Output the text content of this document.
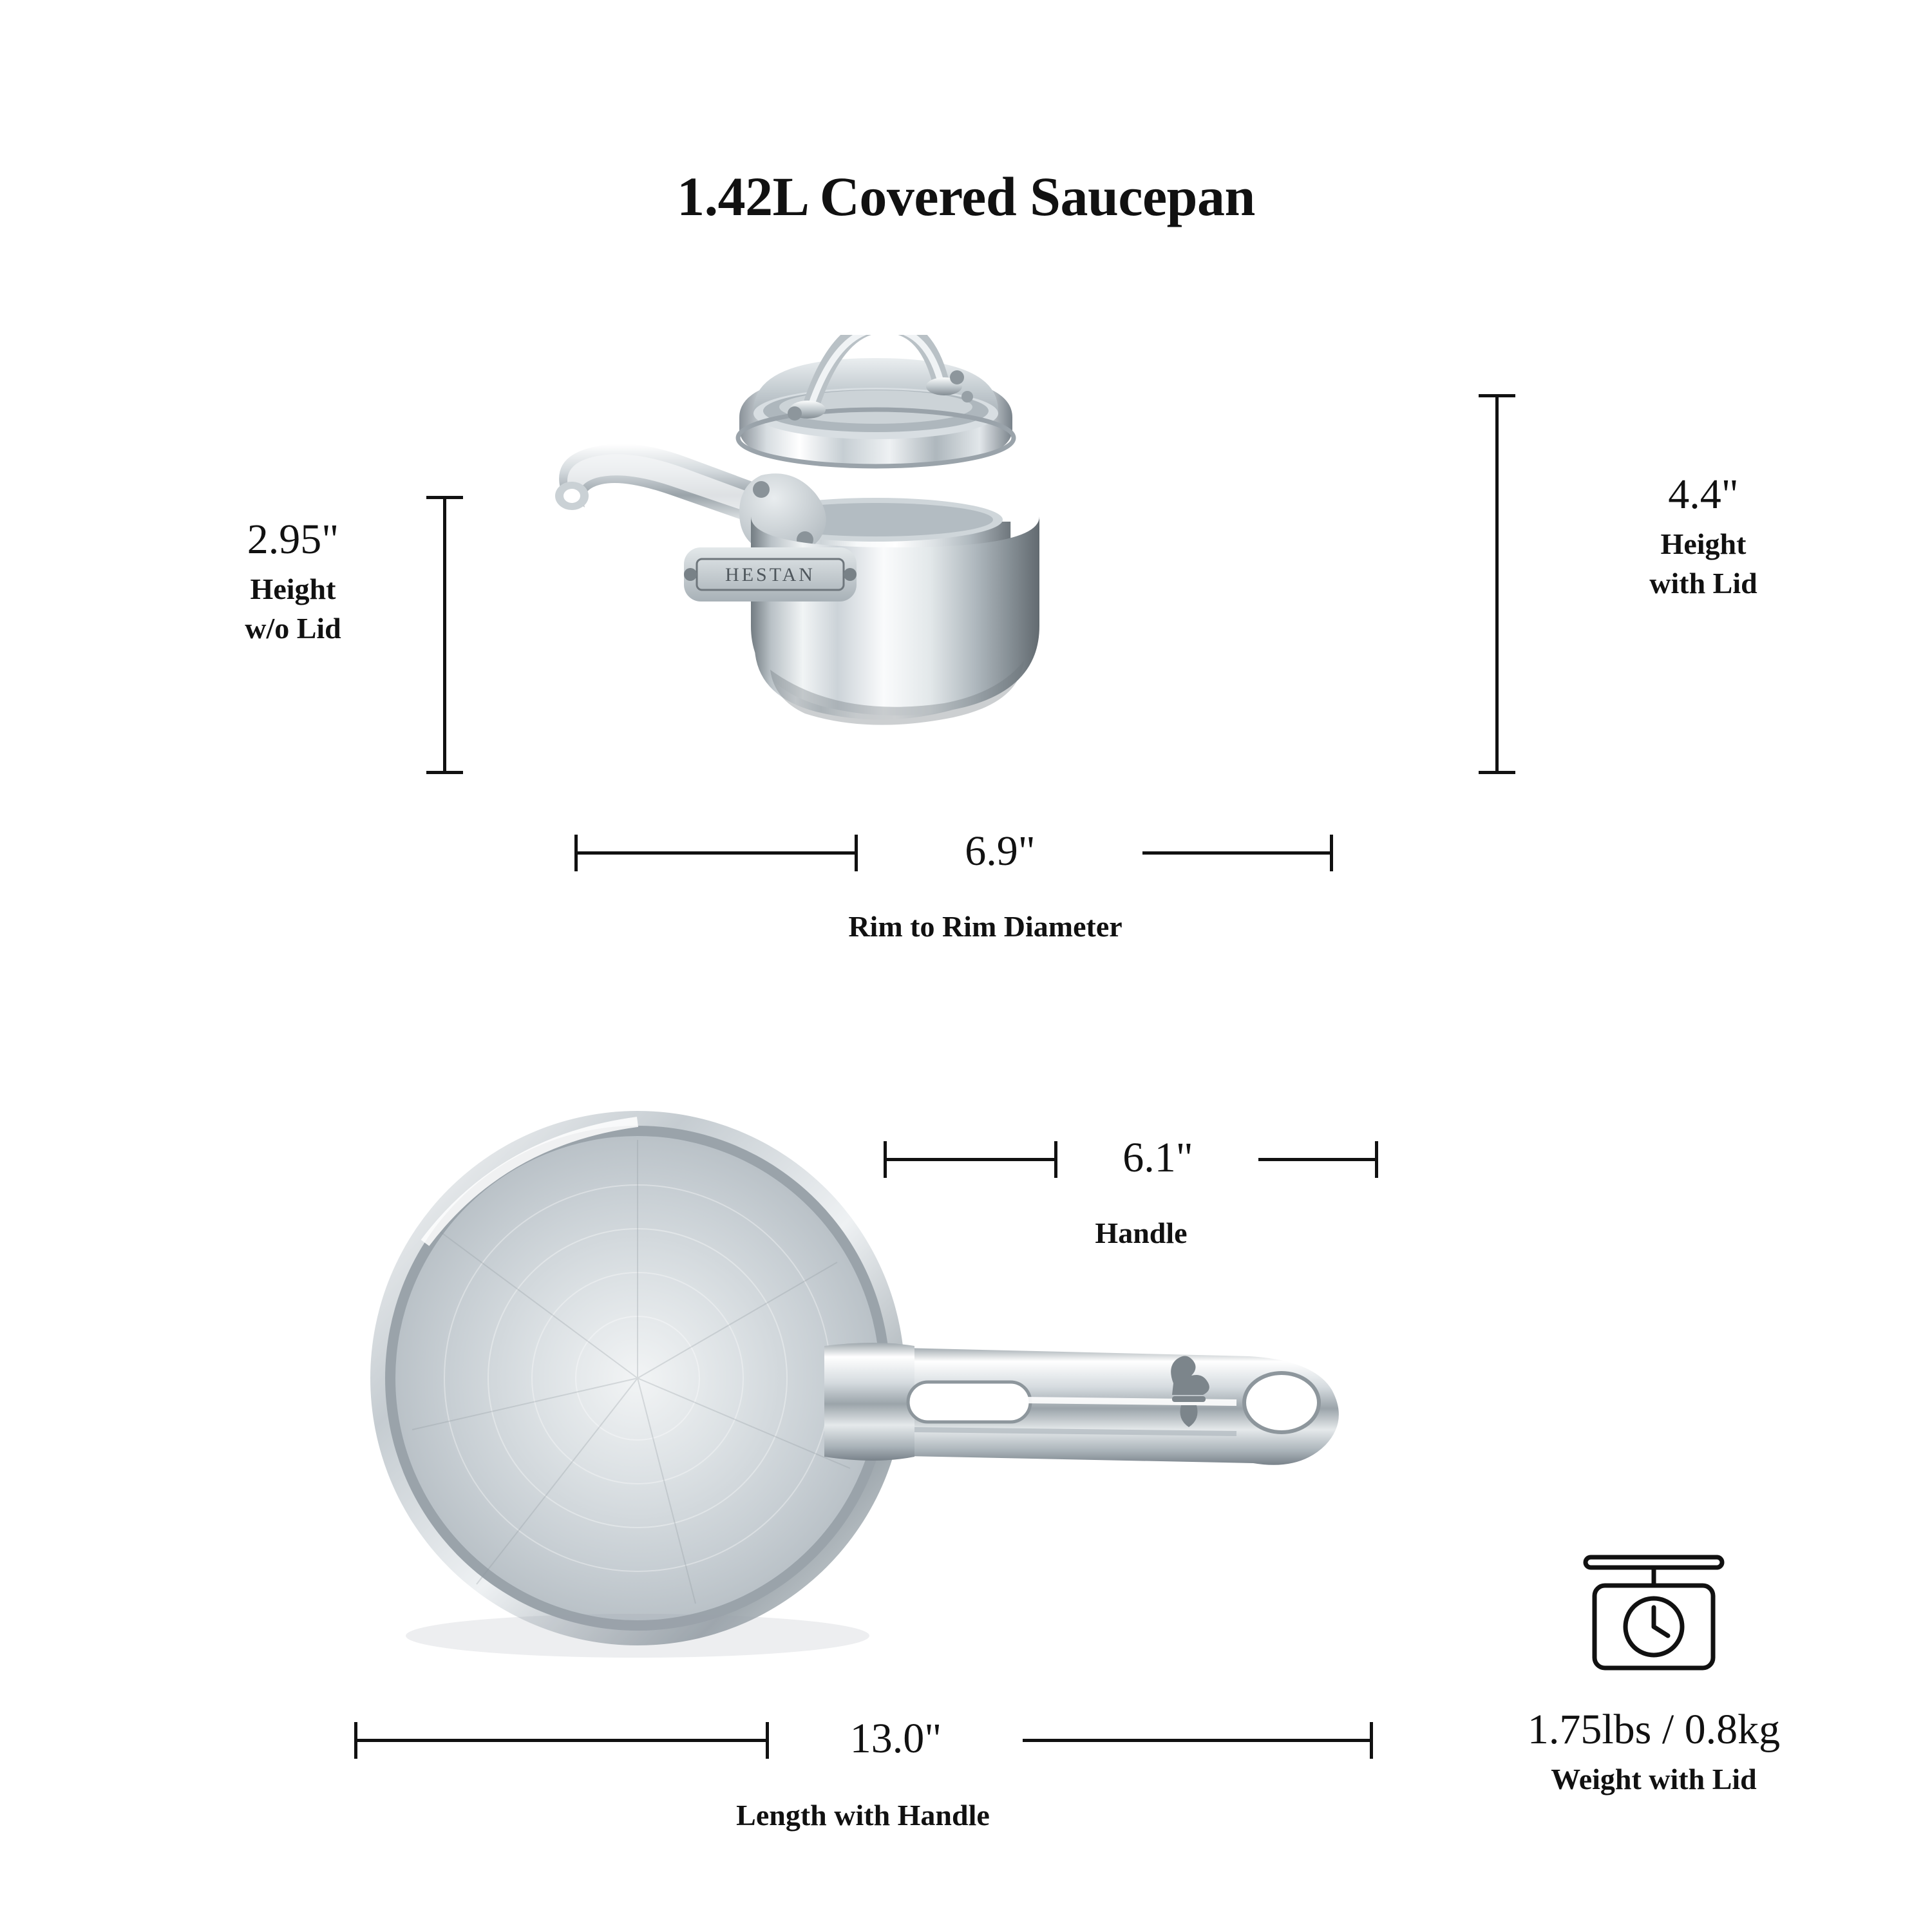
1.42L Covered Saucepan
HESTAN
2.95"
Height
w/o Lid
4.4"
Height
with Lid
6.9"
Rim to Rim Diameter
6.1"
Handle
13.0"
Length with Handle
1.75lbs / 0.8kg
Weight with Lid
